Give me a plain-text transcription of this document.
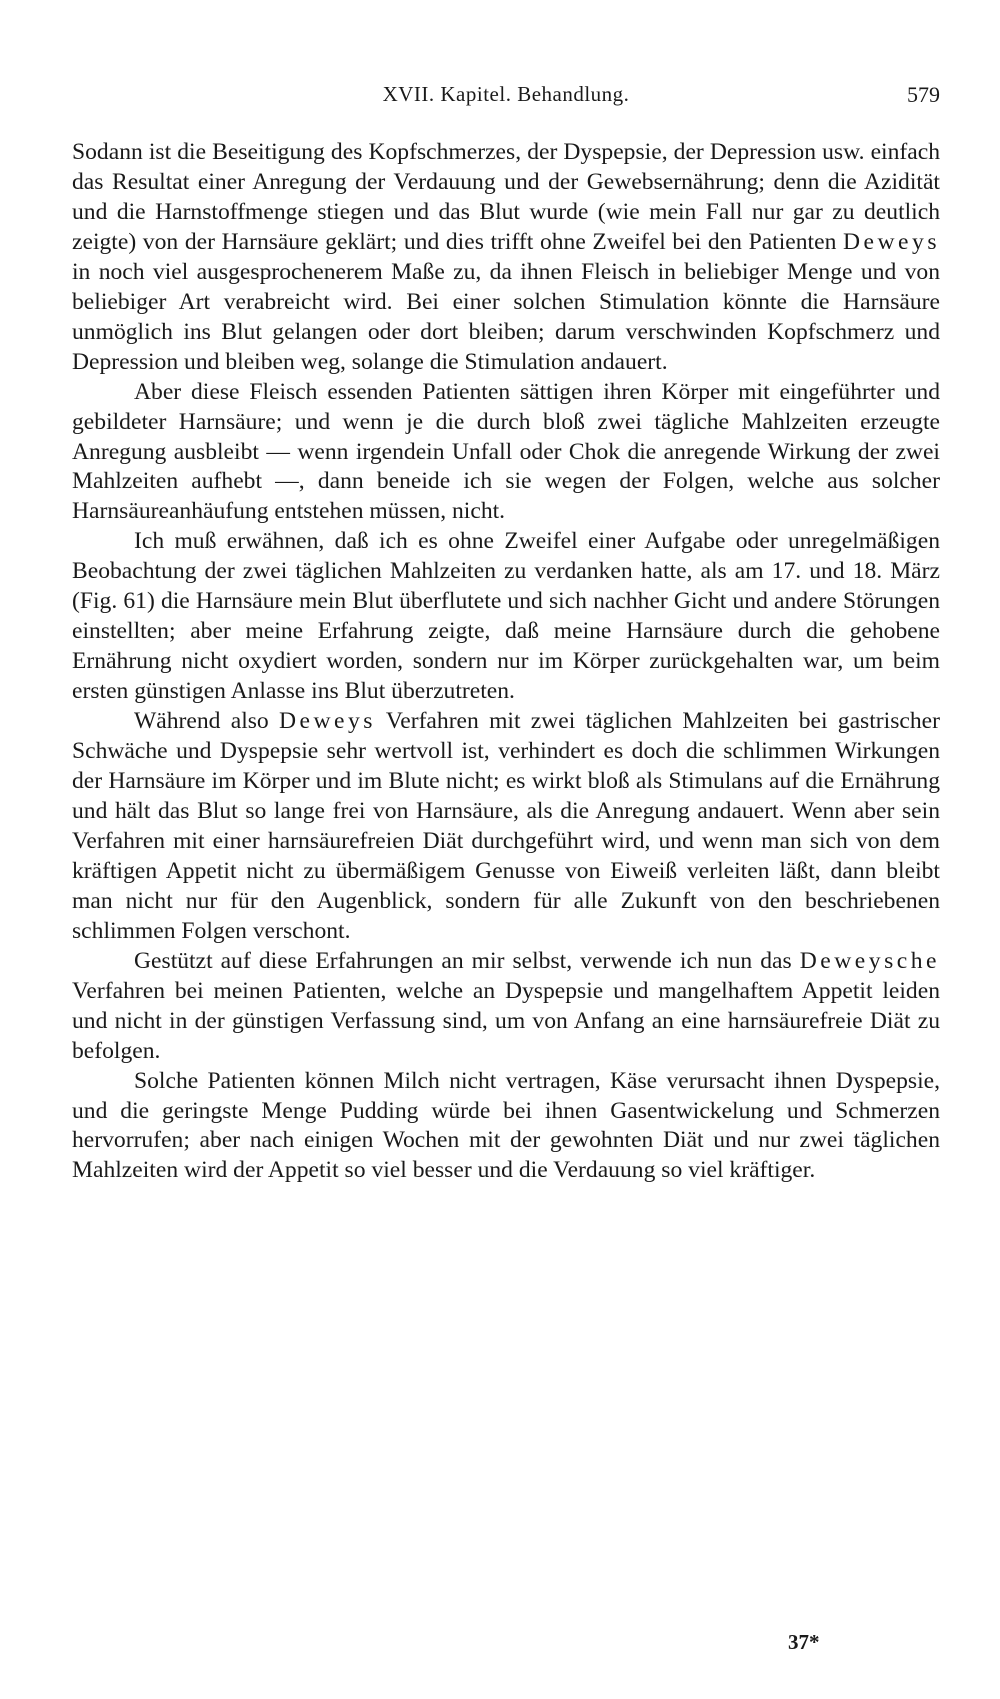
XVII. Kapitel. Behandlung.	579

Sodann ist die Beseitigung des Kopfschmerzes, der Dyspepsie, der Depression usw. einfach das Resultat einer Anregung der Verdauung und der Gewebsernährung; denn die Azidität und die Harnstoffmenge stiegen und das Blut wurde (wie mein Fall nur gar zu deutlich zeigte) von der Harnsäure geklärt; und dies trifft ohne Zweifel bei den Patienten Deweys in noch viel ausgesprochenerem Maße zu, da ihnen Fleisch in beliebiger Menge und von beliebiger Art verabreicht wird. Bei einer solchen Stimulation könnte die Harnsäure unmöglich ins Blut gelangen oder dort bleiben; darum verschwinden Kopfschmerz und Depression und bleiben weg, solange die Stimulation andauert.

Aber diese Fleisch essenden Patienten sättigen ihren Körper mit eingeführter und gebildeter Harnsäure; und wenn je die durch bloß zwei tägliche Mahlzeiten erzeugte Anregung ausbleibt — wenn irgendein Unfall oder Chok die anregende Wirkung der zwei Mahlzeiten aufhebt —, dann beneide ich sie wegen der Folgen, welche aus solcher Harnsäureanhäufung entstehen müssen, nicht.

Ich muß erwähnen, daß ich es ohne Zweifel einer Aufgabe oder unregelmäßigen Beobachtung der zwei täglichen Mahlzeiten zu verdanken hatte, als am 17. und 18. März (Fig. 61) die Harnsäure mein Blut überflutete und sich nachher Gicht und andere Störungen einstellten; aber meine Erfahrung zeigte, daß meine Harnsäure durch die gehobene Ernährung nicht oxydiert worden, sondern nur im Körper zurückgehalten war, um beim ersten günstigen Anlasse ins Blut überzutreten.

Während also Deweys Verfahren mit zwei täglichen Mahlzeiten bei gastrischer Schwäche und Dyspepsie sehr wertvoll ist, verhindert es doch die schlimmen Wirkungen der Harnsäure im Körper und im Blute nicht; es wirkt bloß als Stimulans auf die Ernährung und hält das Blut so lange frei von Harnsäure, als die Anregung andauert. Wenn aber sein Verfahren mit einer harnsäurefreien Diät durchgeführt wird, und wenn man sich von dem kräftigen Appetit nicht zu übermäßigem Genusse von Eiweiß verleiten läßt, dann bleibt man nicht nur für den Augenblick, sondern für alle Zukunft von den beschriebenen schlimmen Folgen verschont.

Gestützt auf diese Erfahrungen an mir selbst, verwende ich nun das Deweysche Verfahren bei meinen Patienten, welche an Dyspepsie und mangelhaftem Appetit leiden und nicht in der günstigen Verfassung sind, um von Anfang an eine harnsäurefreie Diät zu befolgen.

Solche Patienten können Milch nicht vertragen, Käse verursacht ihnen Dyspepsie, und die geringste Menge Pudding würde bei ihnen Gasentwickelung und Schmerzen hervorrufen; aber nach einigen Wochen mit der gewohnten Diät und nur zwei täglichen Mahlzeiten wird der Appetit so viel besser und die Verdauung so viel kräftiger.

37*
